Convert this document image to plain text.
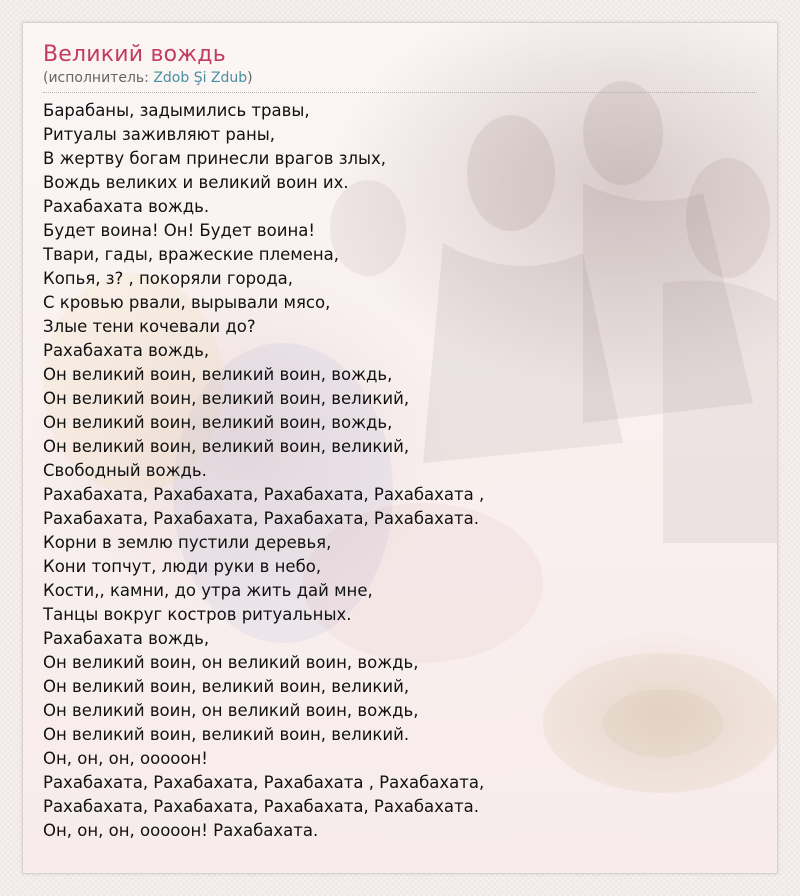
Великий вождь
(исполнитель: Zdob Şi Zdub)
Барабаны, задымились травы,
Ритуалы заживляют раны,
В жертву богам принесли врагов злых,
Вождь великих и великий воин их.
Рахабахата вождь.
Будет воина! Он! Будет воина!
Твари, гады, вражеские племена,
Копья, з? , покоряли города,
С кровью рвали, вырывали мясо,
Злые тени кочевали до?
Рахабахата вождь,
Он великий воин, великий воин, вождь,
Он великий воин, великий воин, великий,
Он великий воин, великий воин, вождь,
Он великий воин, великий воин, великий,
Свободный вождь.
Рахабахата, Рахабахата, Рахабахата, Рахабахата ,
Рахабахата, Рахабахата, Рахабахата, Рахабахата.
Корни в землю пустили деревья,
Кони топчут, люди руки в небо,
Кости,, камни, до утра жить дай мне,
Танцы вокруг костров ритуальных.
Рахабахата вождь,
Он великий воин, он великий воин, вождь,
Он великий воин, великий воин, великий,
Он великий воин, он великий воин, вождь,
Он великий воин, великий воин, великий.
Он, он, он, оооoон!
Рахабахата, Рахабахата, Рахабахата , Рахабахата,
Рахабахата, Рахабахата, Рахабахата, Рахабахата.
Он, он, он, оооoон! Рахабахата.
